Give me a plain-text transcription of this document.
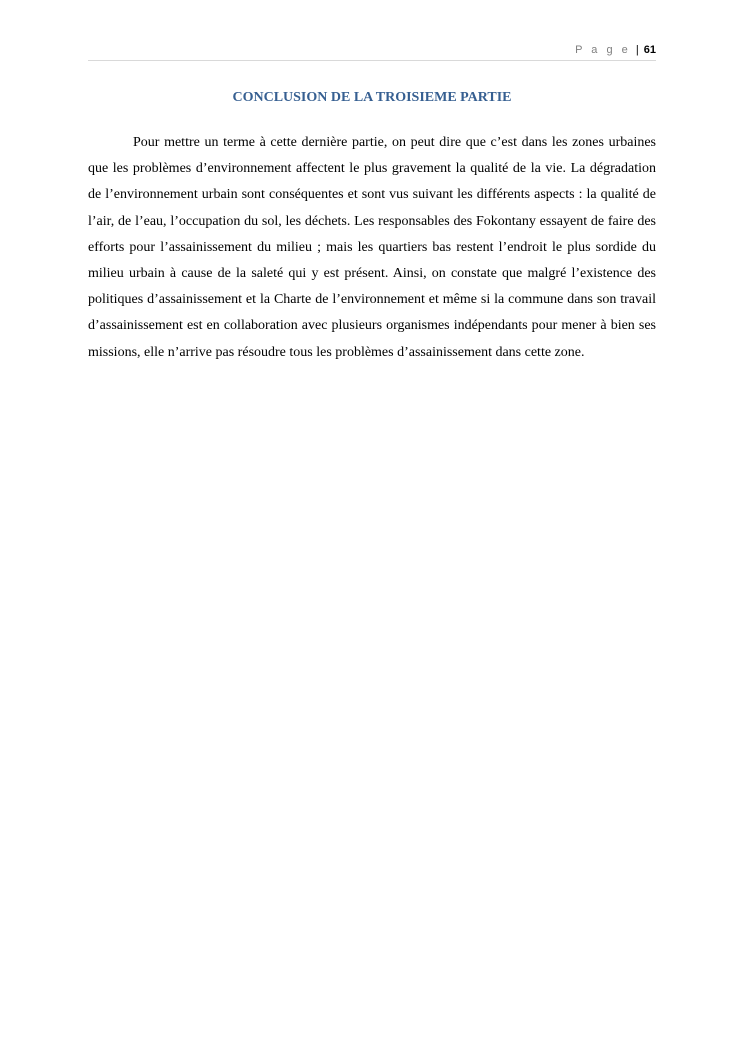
P a g e | 61
CONCLUSION DE LA TROISIEME PARTIE

Pour mettre un terme à cette dernière partie, on peut dire que c’est dans les zones urbaines que les problèmes d’environnement affectent le plus gravement la qualité de la vie. La dégradation de l’environnement urbain sont conséquentes et sont vus suivant les différents aspects : la qualité de l’air, de l’eau, l’occupation du sol, les déchets. Les responsables des Fokontany essayent de faire des efforts pour l’assainissement du milieu ; mais les quartiers bas restent l’endroit le plus sordide du milieu urbain à cause de la saleté qui y est présent. Ainsi, on constate que malgré l’existence des politiques d’assainissement et la Charte de l’environnement et même si la commune dans son travail d’assainissement est en collaboration avec plusieurs organismes indépendants pour mener à bien ses missions, elle n’arrive pas résoudre tous les problèmes d’assainissement dans cette zone.
